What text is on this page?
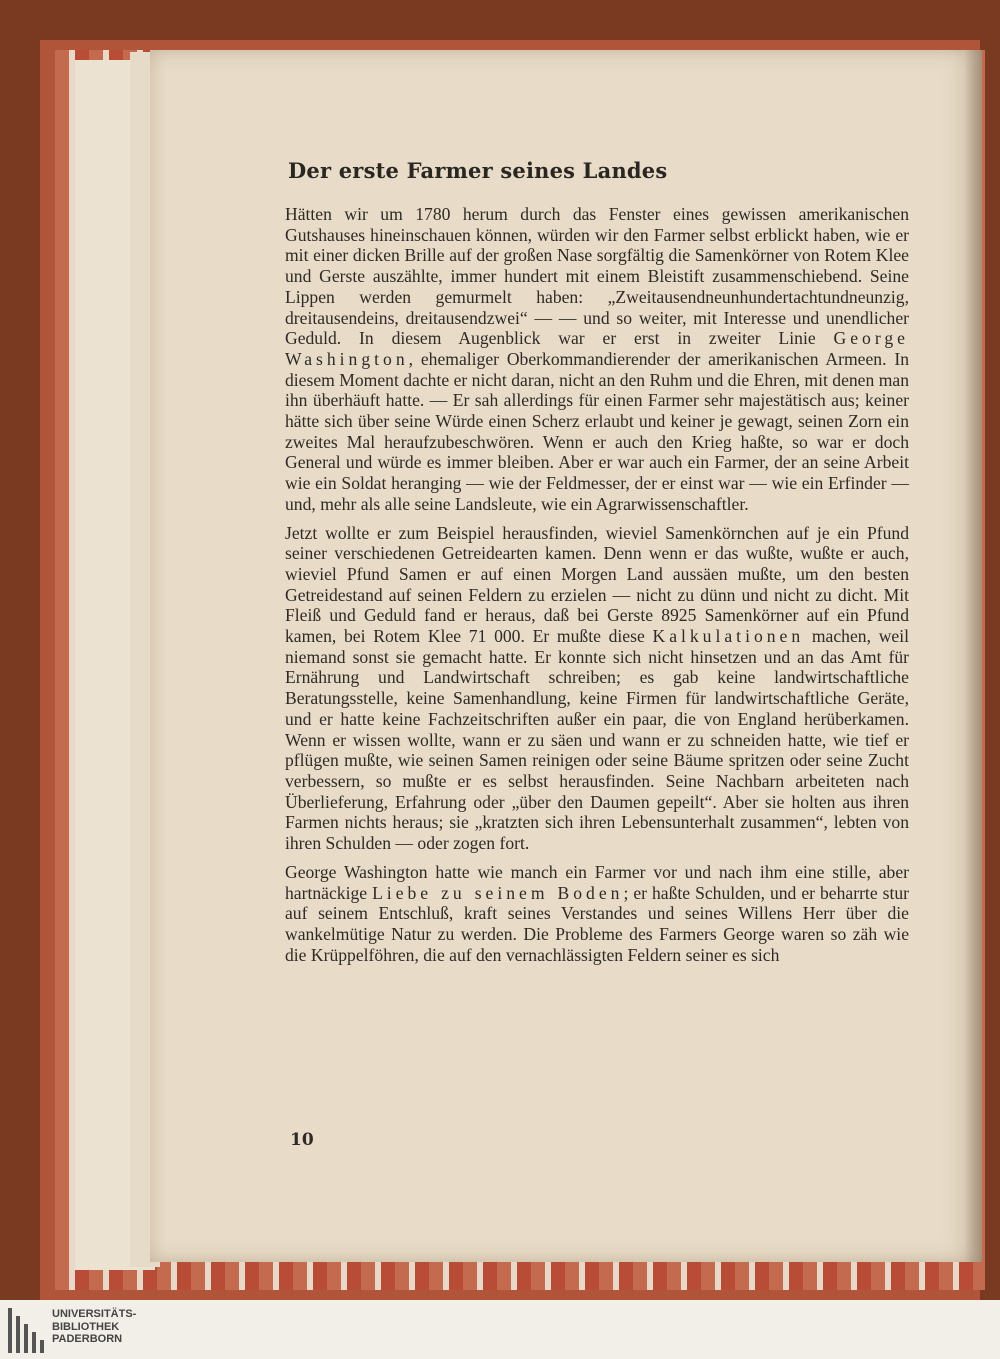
Der erste Farmer seines Landes

Hätten wir um 1780 herum durch das Fenster eines gewissen amerikanischen Gutshauses hineinschauen können, würden wir den Farmer selbst erblickt haben, wie er mit einer dicken Brille auf der großen Nase sorgfältig die Samenkörner von Rotem Klee und Gerste auszählte, immer hundert mit einem Bleistift zusammenschiebend. Seine Lippen werden gemurmelt haben: „Zweitausendneunhundertachtundneunzig, dreitausendeins, dreitausendzwei“ — — und so weiter, mit Interesse und unendlicher Geduld. In diesem Augenblick war er erst in zweiter Linie George Washington, ehemaliger Oberkommandierender der amerikanischen Armeen. In diesem Moment dachte er nicht daran, nicht an den Ruhm und die Ehren, mit denen man ihn überhäuft hatte. — Er sah allerdings für einen Farmer sehr majestätisch aus; keiner hätte sich über seine Würde einen Scherz erlaubt und keiner je gewagt, seinen Zorn ein zweites Mal heraufzubeschwören. Wenn er auch den Krieg haßte, so war er doch General und würde es immer bleiben. Aber er war auch ein Farmer, der an seine Arbeit wie ein Soldat heranging — wie der Feldmesser, der er einst war — wie ein Erfinder — und, mehr als alle seine Landsleute, wie ein Agrarwissenschaftler.

Jetzt wollte er zum Beispiel herausfinden, wieviel Samenkörnchen auf je ein Pfund seiner verschiedenen Getreidearten kamen. Denn wenn er das wußte, wußte er auch, wieviel Pfund Samen er auf einen Morgen Land aussäen mußte, um den besten Getreidestand auf seinen Feldern zu erzielen — nicht zu dünn und nicht zu dicht. Mit Fleiß und Geduld fand er heraus, daß bei Gerste 8925 Samenkörner auf ein Pfund kamen, bei Rotem Klee 71 000. Er mußte diese Kalkulationen machen, weil niemand sonst sie gemacht hatte. Er konnte sich nicht hinsetzen und an das Amt für Ernährung und Landwirtschaft schreiben; es gab keine landwirtschaftliche Beratungsstelle, keine Samenhandlung, keine Firmen für landwirtschaftliche Geräte, und er hatte keine Fachzeitschriften außer ein paar, die von England herüberkamen. Wenn er wissen wollte, wann er zu säen und wann er zu schneiden hatte, wie tief er pflügen mußte, wie seinen Samen reinigen oder seine Bäume spritzen oder seine Zucht verbessern, so mußte er es selbst herausfinden. Seine Nachbarn arbeiteten nach Überlieferung, Erfahrung oder „über den Daumen gepeilt“. Aber sie holten aus ihren Farmen nichts heraus; sie „kratzten sich ihren Lebensunterhalt zusammen“, lebten von ihren Schulden — oder zogen fort.

George Washington hatte wie manch ein Farmer vor und nach ihm eine stille, aber hartnäckige Liebe zu seinem Boden; er haßte Schulden, und er beharrte stur auf seinem Entschluß, kraft seines Verstandes und seines Willens Herr über die wankelmütige Natur zu werden. Die Probleme des Farmers George waren so zäh wie die Krüppelföhren, die auf den vernachlässigten Feldern seiner es sich

10
UNIVERSITÄTS-
BIBLIOTHEK
PADERBORN
